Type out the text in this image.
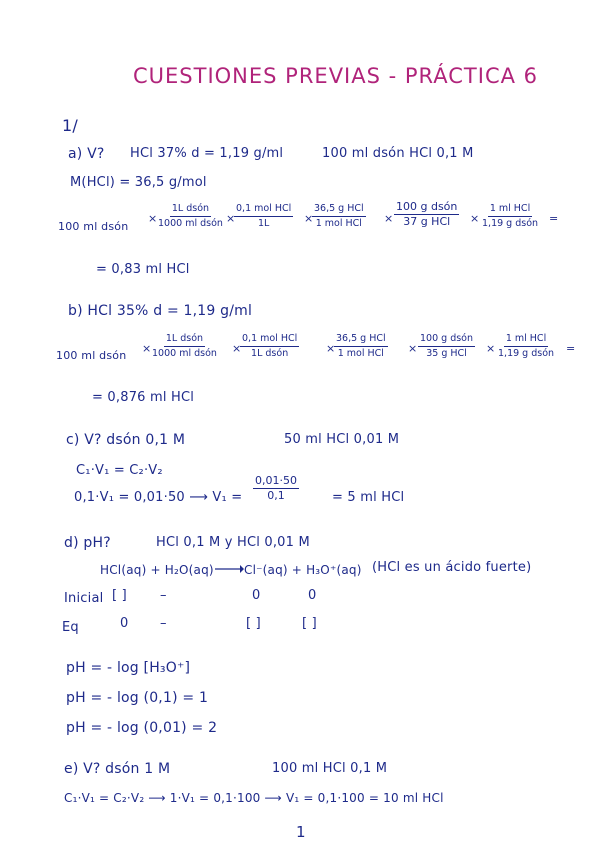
CUESTIONES PREVIAS - PRÁCTICA 6
1/
a) V? HCl 37% d = 1,19 g/ml	100 ml dsón HCl 0,1 M
M(HCl) = 36,5 g/mol
100 ml dsón
×
1L dsón
1000 ml dsón ×
0,1 mol HCl
1L	×
36,5 g HCl
1 mol HCl ×
100 g dsón
37 g HCl ×
1 ml HCl
1,19 g dsón =
= 0,83 ml HCl
b) HCl 35% d = 1,19 g/ml
100 ml dsón
×
1L dsón
1000 ml dsón ×
0,1 mol HCl
1L dsón	×
36,5 g HCl
1 mol HCl ×
100 g dsón
35 g HCl ×
1 ml HCl
1,19 g dsón =
= 0,876 ml HCl
c) V? dsón 0,1 M	50 ml HCl 0,01 M
C₁·V₁ = C₂·V₂
0,1·V₁ = 0,01·50 ⟶ $V_1 = \frac{0,01\cdot 50}{0,1}$	= 5 ml HCl
d) pH?	HCl 0,1 M y HCl 0,01 M
HCl(aq) + H₂O(aq)	Cl⁻(aq) + H₃O⁺(aq) (HCl es un ácido fuerte)
Inicial [ ]	–	0	0
Eq	0 –	[ ]	[ ]
pH = - log [H₃O⁺]
pH = - log (0,1) = 1
pH = - log (0,01) = 2
e) V? dsón 1 M	100 ml HCl 0,1 M
C₁·V₁ = C₂·V₂ ⟶ 1·V₁ = 0,1·100 ⟶ V₁ = 0,1·100 = 10 ml HCl
1
